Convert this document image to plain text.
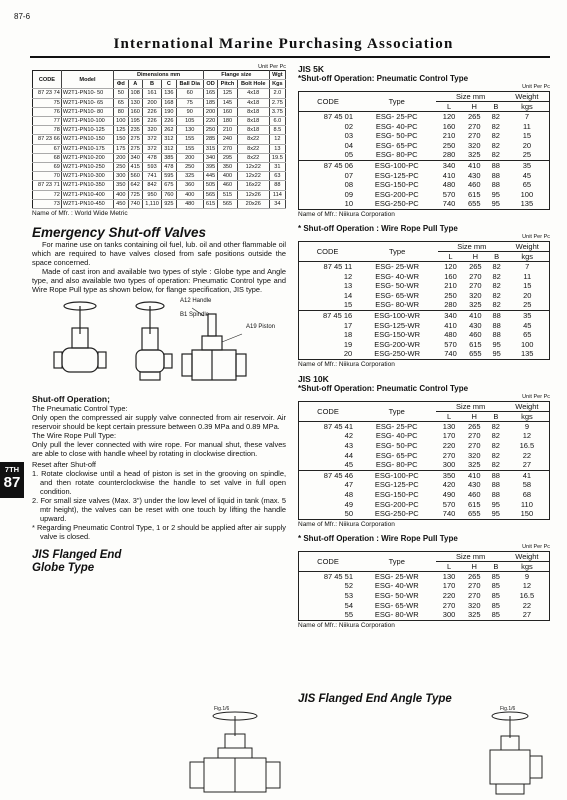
87-6
International Marine Purchasing Association
7TH
87
Unit Per Pc
CODE	Model	Dimensions mm					Flange size			Wgt
		Φd	A	B	C	Ball Dia	OD	Pitch	Bolt Hole	Kgs
87 23 74	W2T1-PN10- 50	50	108	161	136	60	165	125	4x18	2.0
75	W2T1-PN10- 65	65	130	200	168	75	185	145	4x18	2.75
76	W2T1-PN10- 80	80	160	226	190	90	200	160	8x18	3.75
77	W2T1-PN10-100	100	195	226	226	105	220	180	8x18	6.0
78	W2T1-PN10-125	125	235	320	262	130	250	210	8x18	8.5
87 23 66	W2T1-PN10-150	150	275	372	312	155	285	240	8x22	12
67	W2T1-PN10-175	175	275	372	312	155	315	270	8x22	13
68	W2T1-PN10-200	200	340	478	385	200	340	295	8x22	19.5
69	W2T1-PN10-250	250	415	593	478	250	395	350	12x22	31
70	W2T1-PN10-300	300	560	741	595	325	445	400	12x22	63
87 23 71	W2T1-PN10-350	350	642	842	675	360	505	460	16x22	88
72	W2T1-PN10-400	400	725	950	760	400	565	515	12x26	114
73	W2T1-PN10-450	450	740	1,110	925	480	615	565	20x26	34
Name of Mfr. : World Wide Metric
Emergency Shut-off Valves

For marine use on tanks containing oil fuel, lub. oil and other flammable oil which are required to have valves closed from safe positions outside the space concerned.

Made of cast iron and available two types of style : Globe type and Angle type, and also available two types of operation: Pneumatic Control type and Wire Rope Pull type as shown below, for flange specification, JIS type.

A12 Handle
B1 Spindle
A19 Piston
Shut-off Operation;
The Pneumatic Control Type:

Only open the compressed air supply valve connected from air reservoir. Air reservoir should be kept certain pressure between 0.39 MPa and 0.89 MPa.

The Wire Rope Pull Type:

Only pull the lever connected with wire rope. For manual shut, these valves are able to close with handle wheel by rotating in clockwise direction.

Reset after Shut-off

1. Rotate clockwise until a head of piston is set in the grooving on spindle, and then rotate counterclockwise the handle to set valve in full open condition.

2. For small size valves (Max. 3") under the low level of liquid in tank (max. 5 mtr height), the valves can be reset with one touch by lifting the handle upward.

* Regarding Pneumatic Control Type, 1 or 2 should be applied after air supply valve is closed.

JIS Flanged End Globe Type
Fig.1/6
JIS 5K
*Shut-off Operation: Pneumatic Control Type
Unit Per Pc
CODE	Type	Size mm			Weight
		L	H	B	kgs
87 45 01	ESG- 25-PC	120	265	82	7
02	ESG- 40-PC	160	270	82	11
03	ESG- 50-PC	210	270	82	15
04	ESG- 65-PC	250	320	82	20
05	ESG- 80-PC	280	325	82	25
87 45 06	ESG-100-PC	340	410	88	35
07	ESG-125-PC	410	430	88	45
08	ESG-150-PC	480	460	88	65
09	ESG-200-PC	570	615	95	100
10	ESG-250-PC	740	655	95	135
Name of Mfr.: Niikura Corporation
* Shut-off Operation : Wire Rope Pull Type
Unit Per Pc
CODE	Type	Size mm			Weight
		L	H	B	kgs
87 45 11	ESG- 25-WR	120	265	82	7
12	ESG- 40-WR	160	270	82	11
13	ESG- 50-WR	210	270	82	15
14	ESG- 65-WR	250	320	82	20
15	ESG- 80-WR	280	325	82	25
87 45 16	ESG-100-WR	340	410	88	35
17	ESG-125-WR	410	430	88	45
18	ESG-150-WR	480	460	88	65
19	ESG-200-WR	570	615	95	100
20	ESG-250-WR	740	655	95	135
Name of Mfr.: Niikura Corporation
JIS 10K
*Shut-off Operation: Pneumatic Control Type
Unit Per Pc
CODE	Type	Size mm			Weight
		L	H	B	kgs
87 45 41	ESG- 25-PC	130	265	82	9
42	ESG- 40-PC	170	270	82	12
43	ESG- 50-PC	220	270	82	16.5
44	ESG- 65-PC	270	320	82	22
45	ESG- 80-PC	300	325	82	27
87 45 46	ESG-100-PC	350	410	88	41
47	ESG-125-PC	420	430	88	58
48	ESG-150-PC	490	460	88	68
49	ESG-200-PC	570	615	95	110
50	ESG-250-PC	740	655	95	150
Name of Mfr.: Niikura Corporation
* Shut-off Operation : Wire Rope Pull Type
Unit Per Pc
CODE	Type	Size mm			Weight
		L	H	B	kgs
87 45 51	ESG- 25-WR	130	265	85	9
52	ESG- 40-WR	170	270	85	12
53	ESG- 50-WR	220	270	85	16.5
54	ESG- 65-WR	270	320	85	22
55	ESG- 80-WR	300	325	85	27
Name of Mfr.: Niikura Corporation
JIS Flanged End Angle Type
Fig.1/6
